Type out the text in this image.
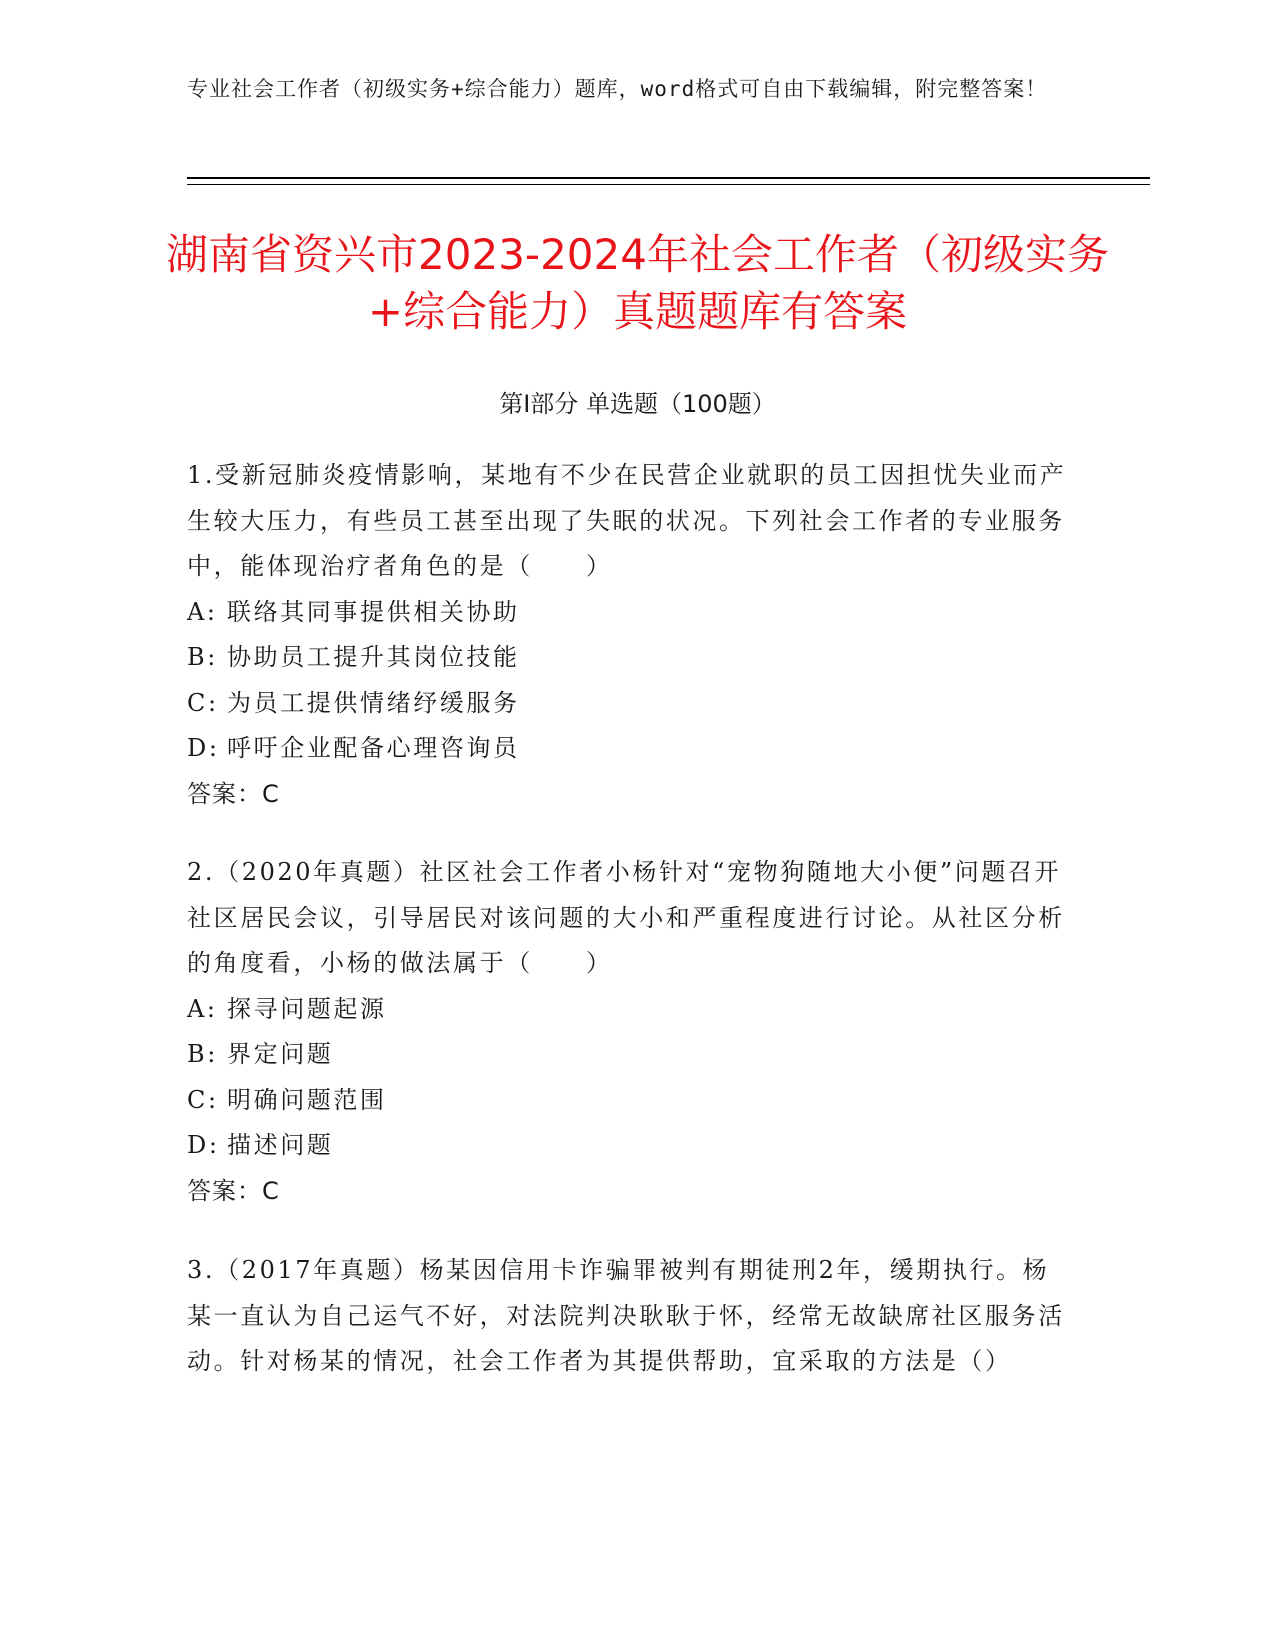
专业社会工作者（初级实务+综合能力）题库，word格式可自由下载编辑，附完整答案！
湖南省资兴市2023-2024年社会工作者（初级实务+综合能力）真题题库有答案
第Ⅰ部分 单选题（100题）

1.受新冠肺炎疫情影响，某地有不少在民营企业就职的员工因担忧失业而产生较大压力，有些员工甚至出现了失眠的状况。下列社会工作者的专业服务中，能体现治疗者角色的是（　　）

A: 联络其同事提供相关协助

B: 协助员工提升其岗位技能

C: 为员工提供情绪纾缓服务

D: 呼吁企业配备心理咨询员

答案：C

2.（2020年真题）社区社会工作者小杨针对“宠物狗随地大小便”问题召开社区居民会议，引导居民对该问题的大小和严重程度进行讨论。从社区分析的角度看，小杨的做法属于（　　）

A: 探寻问题起源

B: 界定问题

C: 明确问题范围

D: 描述问题

答案：C

3.（2017年真题）杨某因信用卡诈骗罪被判有期徒刑2年，缓期执行。杨某一直认为自己运气不好，对法院判决耿耿于怀，经常无故缺席社区服务活动。针对杨某的情况，社会工作者为其提供帮助，宜采取的方法是（）
